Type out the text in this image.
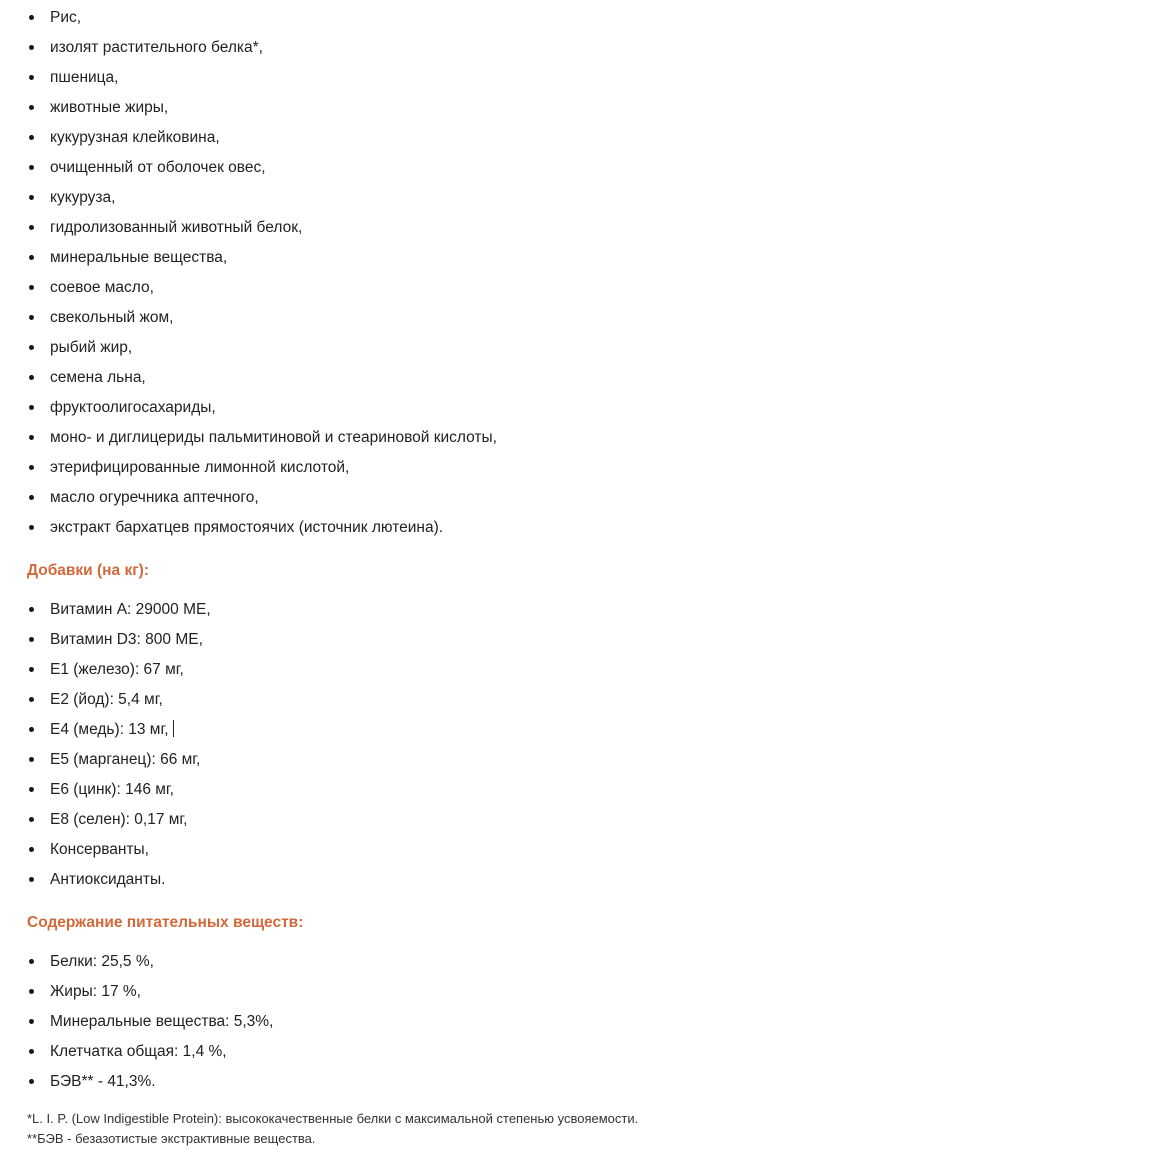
Рис,
изолят растительного белка*,
пшеница,
животные жиры,
кукурузная клейковина,
очищенный от оболочек овес,
кукуруза,
гидролизованный животный белок,
минеральные вещества,
соевое масло,
свекольный жом,
рыбий жир,
семена льна,
фруктоолигосахариды,
моно- и диглицериды пальмитиновой и стеариновой кислоты,
этерифицированные лимонной кислотой,
масло огуречника аптечного,
экстракт бархатцев прямостоячих (источник лютеина).
Добавки (на кг):
Витамин А: 29000 МЕ,
Витамин D3: 800 МЕ,
Е1 (железо): 67 мг,
Е2 (йод): 5,4 мг,
Е4 (медь): 13 мг,
Е5 (марганец): 66 мг,
Е6 (цинк): 146 мг,
Е8 (селен): 0,17 мг,
Консерванты,
Антиоксиданты.
Содержание питательных веществ:
Белки: 25,5 %,
Жиры: 17 %,
Минеральные вещества: 5,3%,
Клетчатка общая: 1,4 %,
БЭВ** - 41,3%.
*L. I. P. (Low Indigestible Protein): высококачественные белки с максимальной степенью усвояемости.
**БЭВ - безазотистые экстрактивные вещества.
